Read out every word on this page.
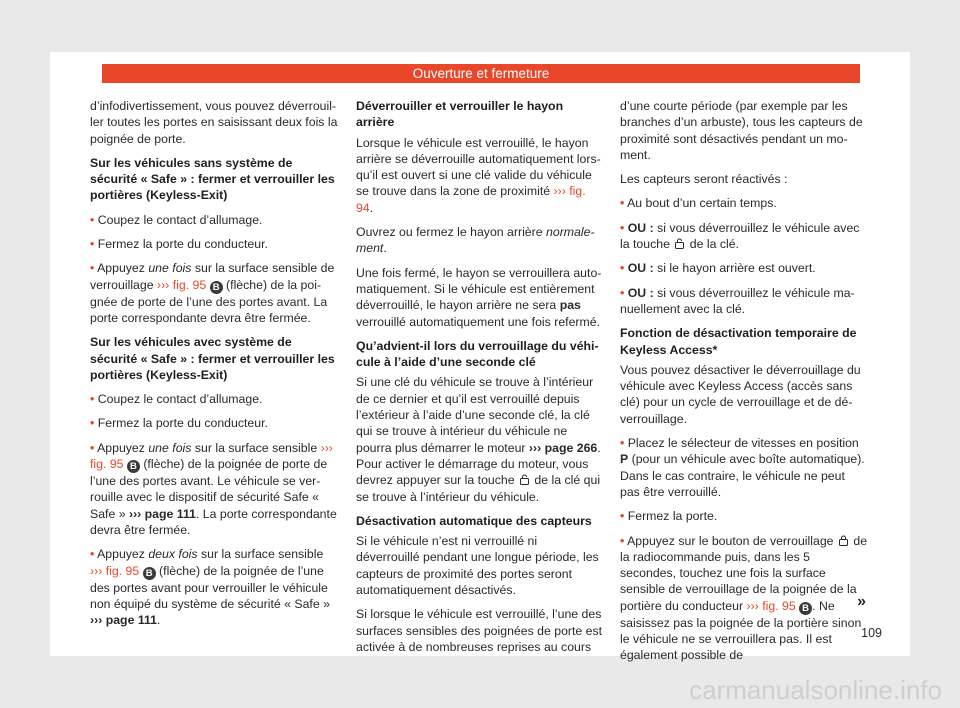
Ouverture et fermeture

d’infodivertissement, vous pouvez déverrouiller toutes les portes en saisissant deux fois la poignée de porte.

Sur les véhicules sans système de sécurité « Safe » : fermer et verrouiller les portières (Keyless-Exit)

• Coupez le contact d’allumage.

• Fermez la porte du conducteur.

• Appuyez une fois sur la surface sensible de verrouillage ››› fig. 95 B (flèche) de la poignée de porte de l’une des portes avant. La porte correspondante devra être fermée.

Sur les véhicules avec système de sécurité « Safe » : fermer et verrouiller les portières (Keyless-Exit)

• Coupez le contact d’allumage.

• Fermez la porte du conducteur.

• Appuyez une fois sur la surface sensible ››› fig. 95 B (flèche) de la poignée de porte de l’une des portes avant. Le véhicule se verrouille avec le dispositif de sécurité Safe « Safe » ››› page 111. La porte correspondante devra être fermée.

• Appuyez deux fois sur la surface sensible ››› fig. 95 B (flèche) de la poignée de l’une des portes avant pour verrouiller le véhicule non équipé du système de sécurité « Safe » ››› page 111.

Déverrouiller et verrouiller le hayon arrière

Lorsque le véhicule est verrouillé, le hayon arrière se déverrouille automatiquement lorsqu’il est ouvert si une clé valide du véhicule se trouve dans la zone de proximité ››› fig. 94.

Ouvrez ou fermez le hayon arrière normalement.

Une fois fermé, le hayon se verrouillera automatiquement. Si le véhicule est entièrement déverrouillé, le hayon arrière ne sera pas verrouillé automatiquement une fois refermé.

Qu’advient-il lors du verrouillage du véhicule à l’aide d’une seconde clé

Si une clé du véhicule se trouve à l’intérieur de ce dernier et qu’il est verrouillé depuis l’extérieur à l’aide d’une seconde clé, la clé qui se trouve à intérieur du véhicule ne pourra plus démarrer le moteur ››› page 266. Pour activer le démarrage du moteur, vous devrez appuyer sur la touche  de la clé qui se trouve à l’intérieur du véhicule.

Désactivation automatique des capteurs

Si le véhicule n’est ni verrouillé ni déverrouillé pendant une longue période, les capteurs de proximité des portes seront automatiquement désactivés.

Si lorsque le véhicule est verrouillé, l’une des surfaces sensibles des poignées de porte est activée à de nombreuses reprises au cours

d’une courte période (par exemple par les branches d’un arbuste), tous les capteurs de proximité sont désactivés pendant un moment.

Les capteurs seront réactivés :

• Au bout d’un certain temps.

• OU : si vous déverrouillez le véhicule avec la touche  de la clé.

• OU : si le hayon arrière est ouvert.

• OU : si vous déverrouillez le véhicule manuellement avec la clé.

Fonction de désactivation temporaire de Keyless Access*

Vous pouvez désactiver le déverrouillage du véhicule avec Keyless Access (accès sans clé) pour un cycle de verrouillage et de déverrouillage.

• Placez le sélecteur de vitesses en position P (pour un véhicule avec boîte automatique). Dans le cas contraire, le véhicule ne peut pas être verrouillé.

• Fermez la porte.

• Appuyez sur le bouton de verrouillage  de la radiocommande puis, dans les 5 secondes, touchez une fois la surface sensible de verrouillage de la poignée de la portière du conducteur ››› fig. 95 B . Ne saisissez pas la poignée de la portière sinon le véhicule ne se verrouillera pas. Il est également possible de

»
109
carmanualsonline.info
